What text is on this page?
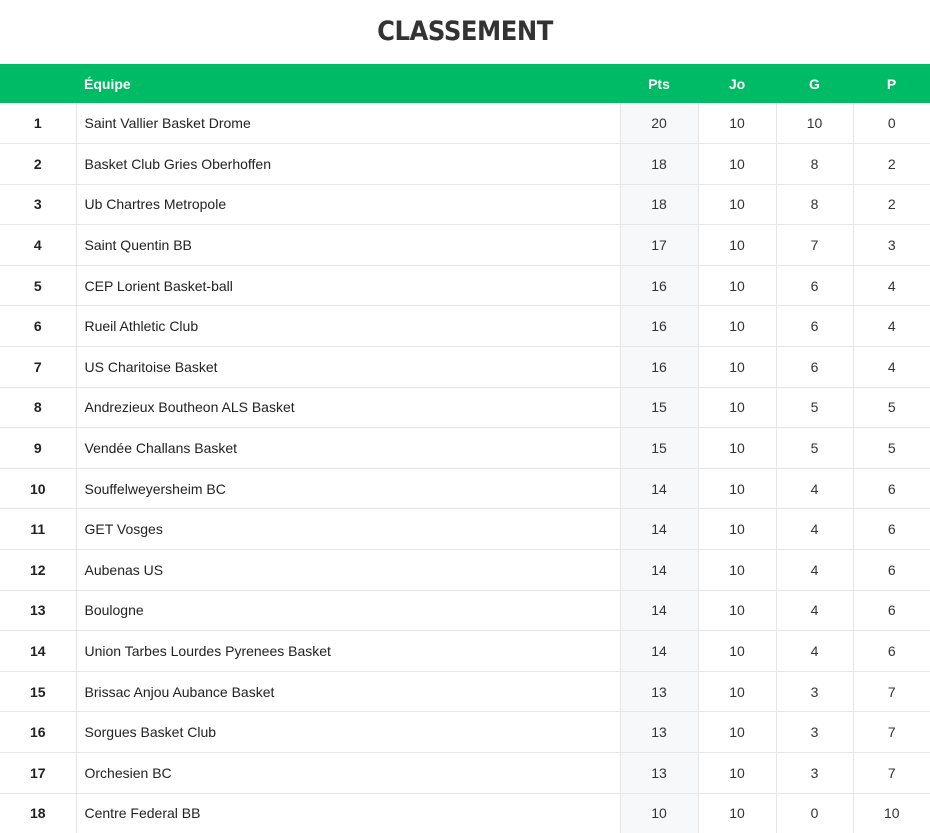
CLASSEMENT
	Équipe	Pts	Jo	G	P
1	Saint Vallier Basket Drome	20	10	10	0
2	Basket Club Gries Oberhoffen	18	10	8	2
3	Ub Chartres Metropole	18	10	8	2
4	Saint Quentin BB	17	10	7	3
5	CEP Lorient Basket-ball	16	10	6	4
6	Rueil Athletic Club	16	10	6	4
7	US Charitoise Basket	16	10	6	4
8	Andrezieux Boutheon ALS Basket	15	10	5	5
9	Vendée Challans Basket	15	10	5	5
10	Souffelweyersheim BC	14	10	4	6
11	GET Vosges	14	10	4	6
12	Aubenas US	14	10	4	6
13	Boulogne	14	10	4	6
14	Union Tarbes Lourdes Pyrenees Basket	14	10	4	6
15	Brissac Anjou Aubance Basket	13	10	3	7
16	Sorgues Basket Club	13	10	3	7
17	Orchesien BC	13	10	3	7
18	Centre Federal BB	10	10	0	10
